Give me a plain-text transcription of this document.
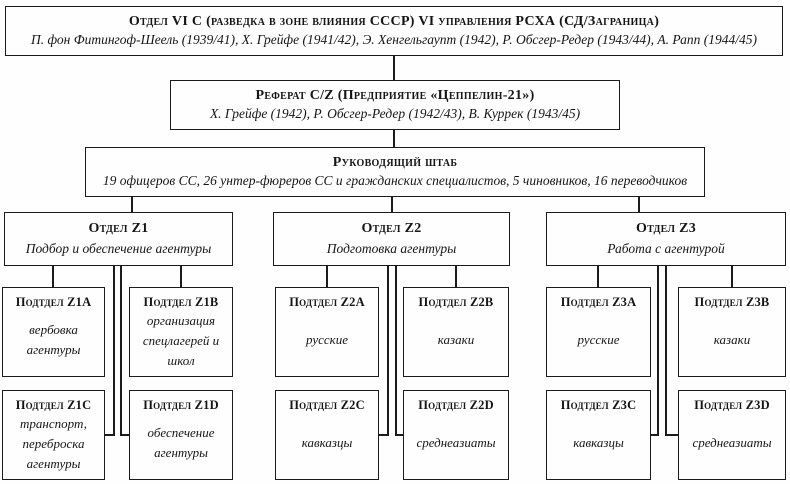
Отдел VI C (разведка в зоне влияния СССР) VI управления РСХА (СД/Заграница)
П. фон Фитингоф-Шеель (1939/41), Х. Грейфе (1941/42), Э. Хенгельгаупт (1942), Р. Обсгер-Редер (1943/44), А. Рапп (1944/45)
Реферат C/Z (Предприятие «Цеппелин-21»)
Х. Грейфе (1942), Р. Обсгер-Редер (1942/43), В. Куррек (1943/45)
Руководящий штаб
19 офицеров СС, 26 унтер-фюреров СС и гражданских специалистов, 5 чиновников, 16 переводчиков
Отдел Z1
Подбор и обеспечение агентуры
Отдел Z2
Подготовка агентуры
Отдел Z3
Работа с агентурой
Подтдел Z1A
вербовка агентуры
Подтдел Z1B
организация спецлагерей и школ
Подтдел Z1C
транспорт, переброска агентуры
Подтдел Z1D
обеспечение агентуры
Подтдел Z2A
русские
Подтдел Z2B
казаки
Подтдел Z2C
кавказцы
Подтдел Z2D
среднеазиаты
Подтдел Z3A
русские
Подтдел Z3B
казаки
Подтдел Z3C
кавказцы
Подтдел Z3D
среднеазиаты
